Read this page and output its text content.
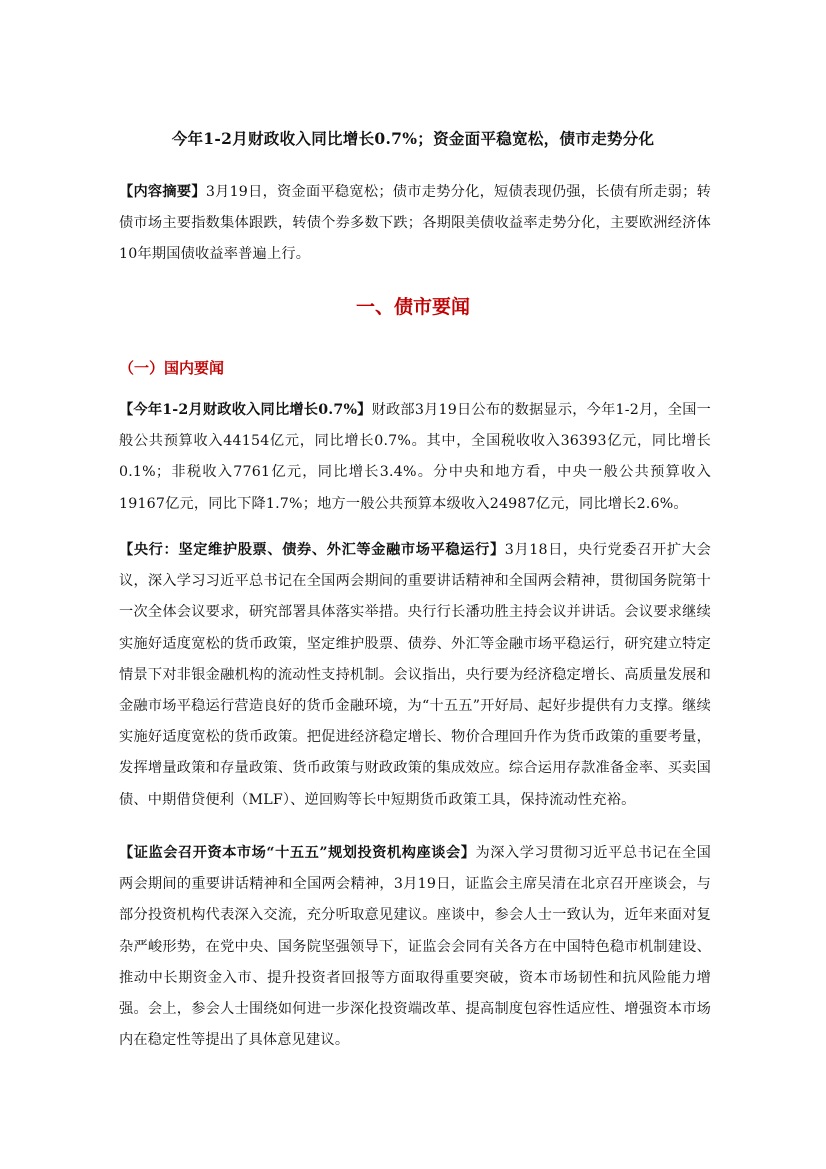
今年1-2月财政收入同比增长0.7%；资金面平稳宽松，债市走势分化

【内容摘要】3月19日，资金面平稳宽松；债市走势分化，短债表现仍强，长债有所走弱；转债市场主要指数集体跟跌，转债个券多数下跌；各期限美债收益率走势分化，主要欧洲经济体10年期国债收益率普遍上行。

一、债市要闻
（一）国内要闻

【今年1-2月财政收入同比增长0.7%】财政部3月19日公布的数据显示，今年1-2月，全国一般公共预算收入44154亿元，同比增长0.7%。其中，全国税收收入36393亿元，同比增长0.1%；非税收入7761亿元，同比增长3.4%。分中央和地方看，中央一般公共预算收入19167亿元，同比下降1.7%；地方一般公共预算本级收入24987亿元，同比增长2.6%。

【央行：坚定维护股票、债券、外汇等金融市场平稳运行】3月18日，央行党委召开扩大会议，深入学习习近平总书记在全国两会期间的重要讲话精神和全国两会精神，贯彻国务院第十一次全体会议要求，研究部署具体落实举措。央行行长潘功胜主持会议并讲话。会议要求继续实施好适度宽松的货币政策，坚定维护股票、债券、外汇等金融市场平稳运行，研究建立特定情景下对非银金融机构的流动性支持机制。会议指出，央行要为经济稳定增长、高质量发展和金融市场平稳运行营造良好的货币金融环境，为“十五五”开好局、起好步提供有力支撑。继续实施好适度宽松的货币政策。把促进经济稳定增长、物价合理回升作为货币政策的重要考量，发挥增量政策和存量政策、货币政策与财政政策的集成效应。综合运用存款准备金率、买卖国债、中期借贷便利（MLF）、逆回购等长中短期货币政策工具，保持流动性充裕。

【证监会召开资本市场“十五五”规划投资机构座谈会】为深入学习贯彻习近平总书记在全国两会期间的重要讲话精神和全国两会精神，3月19日，证监会主席吴清在北京召开座谈会，与部分投资机构代表深入交流，充分听取意见建议。座谈中，参会人士一致认为，近年来面对复杂严峻形势，在党中央、国务院坚强领导下，证监会会同有关各方在中国特色稳市机制建设、推动中长期资金入市、提升投资者回报等方面取得重要突破，资本市场韧性和抗风险能力增强。会上，参会人士围绕如何进一步深化投资端改革、提高制度包容性适应性、增强资本市场内在稳定性等提出了具体意见建议。
